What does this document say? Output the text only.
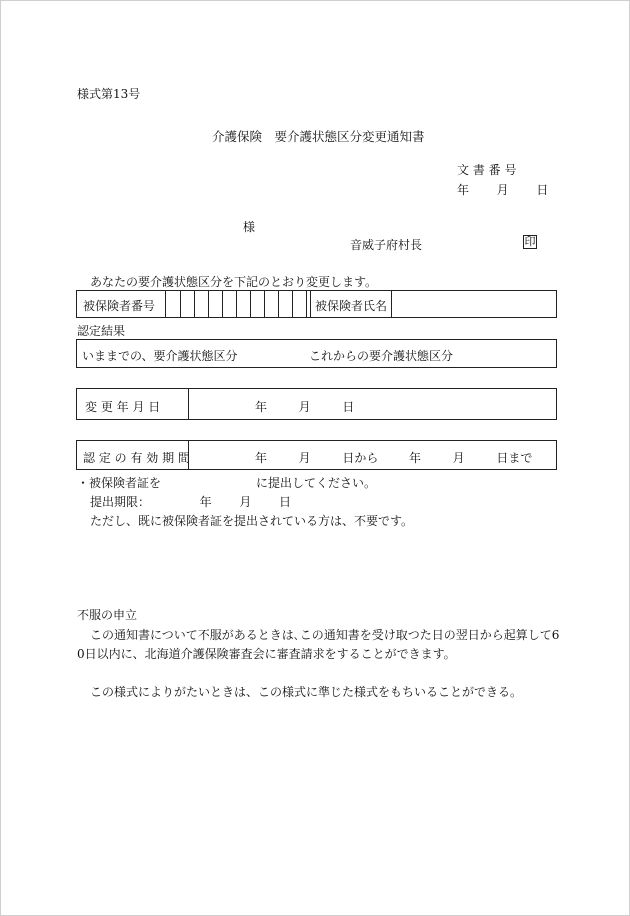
様式第13号
介護保険　要介護状態区分変更通知書
文 書 番 号
年 月 日
様
音威子府村長	印
あなたの要介護状態区分を下記のとおり変更します。
被保険者番号	被保険者氏名
認定結果
いままでの、要介護状態区分	これからの要介護状態区分
変 更 年 月 日	年	月	日
認 定 の 有 効 期 間	年	月	日から	年	月	日まで
・被保険者証を	に提出してください。
提出期限：	年 月 日
ただし、既に被保険者証を提出されている方は、不要です。
不服の申立
この通知書について不服があるときは､この通知書を受け取つた日の翌日から起算して6
0日以内に、北海道介護保険審査会に審査請求をすることができます。
この様式によりがたいときは、この様式に準じた様式をもちいることができる。
